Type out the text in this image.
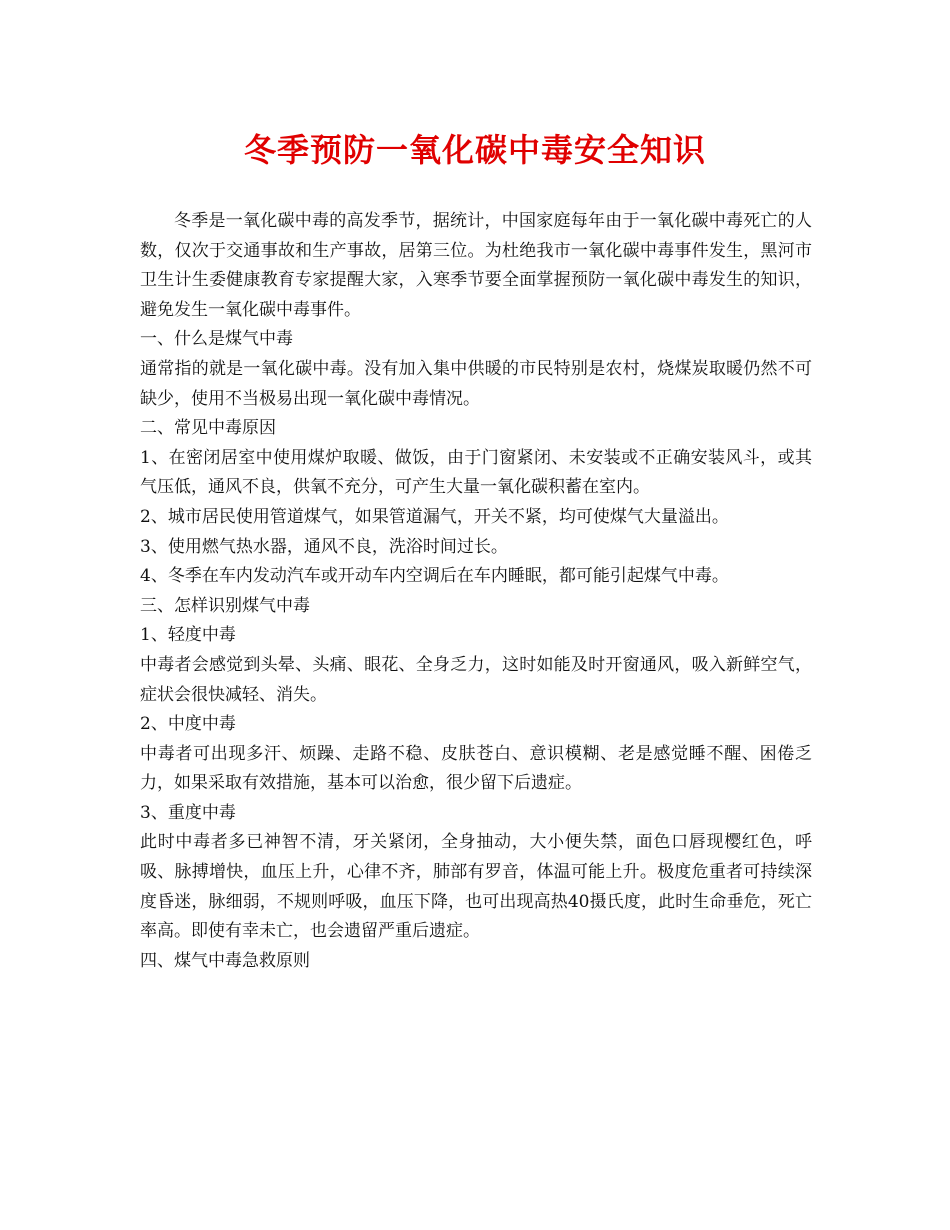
冬季预防一氧化碳中毒安全知识

冬季是一氧化碳中毒的高发季节，据统计，中国家庭每年由于一氧化碳中毒死亡的人数，仅次于交通事故和生产事故，居第三位。为杜绝我市一氧化碳中毒事件发生，黑河市卫生计生委健康教育专家提醒大家，入寒季节要全面掌握预防一氧化碳中毒发生的知识，避免发生一氧化碳中毒事件。

一、什么是煤气中毒

通常指的就是一氧化碳中毒。没有加入集中供暖的市民特别是农村，烧煤炭取暖仍然不可缺少，使用不当极易出现一氧化碳中毒情况。

二、常见中毒原因

1、在密闭居室中使用煤炉取暖、做饭，由于门窗紧闭、未安装或不正确安装风斗，或其气压低，通风不良，供氧不充分，可产生大量一氧化碳积蓄在室内。

2、城市居民使用管道煤气，如果管道漏气，开关不紧，均可使煤气大量溢出。

3、使用燃气热水器，通风不良，洗浴时间过长。

4、冬季在车内发动汽车或开动车内空调后在车内睡眠，都可能引起煤气中毒。

三、怎样识别煤气中毒

1、轻度中毒

中毒者会感觉到头晕、头痛、眼花、全身乏力，这时如能及时开窗通风，吸入新鲜空气，症状会很快减轻、消失。

2、中度中毒

中毒者可出现多汗、烦躁、走路不稳、皮肤苍白、意识模糊、老是感觉睡不醒、困倦乏力，如果采取有效措施，基本可以治愈，很少留下后遗症。

3、重度中毒

此时中毒者多已神智不清，牙关紧闭，全身抽动，大小便失禁，面色口唇现樱红色，呼吸、脉搏增快，血压上升，心律不齐，肺部有罗音，体温可能上升。极度危重者可持续深度昏迷，脉细弱，不规则呼吸，血压下降，也可出现高热40摄氏度，此时生命垂危，死亡率高。即使有幸未亡，也会遗留严重后遗症。

四、煤气中毒急救原则
